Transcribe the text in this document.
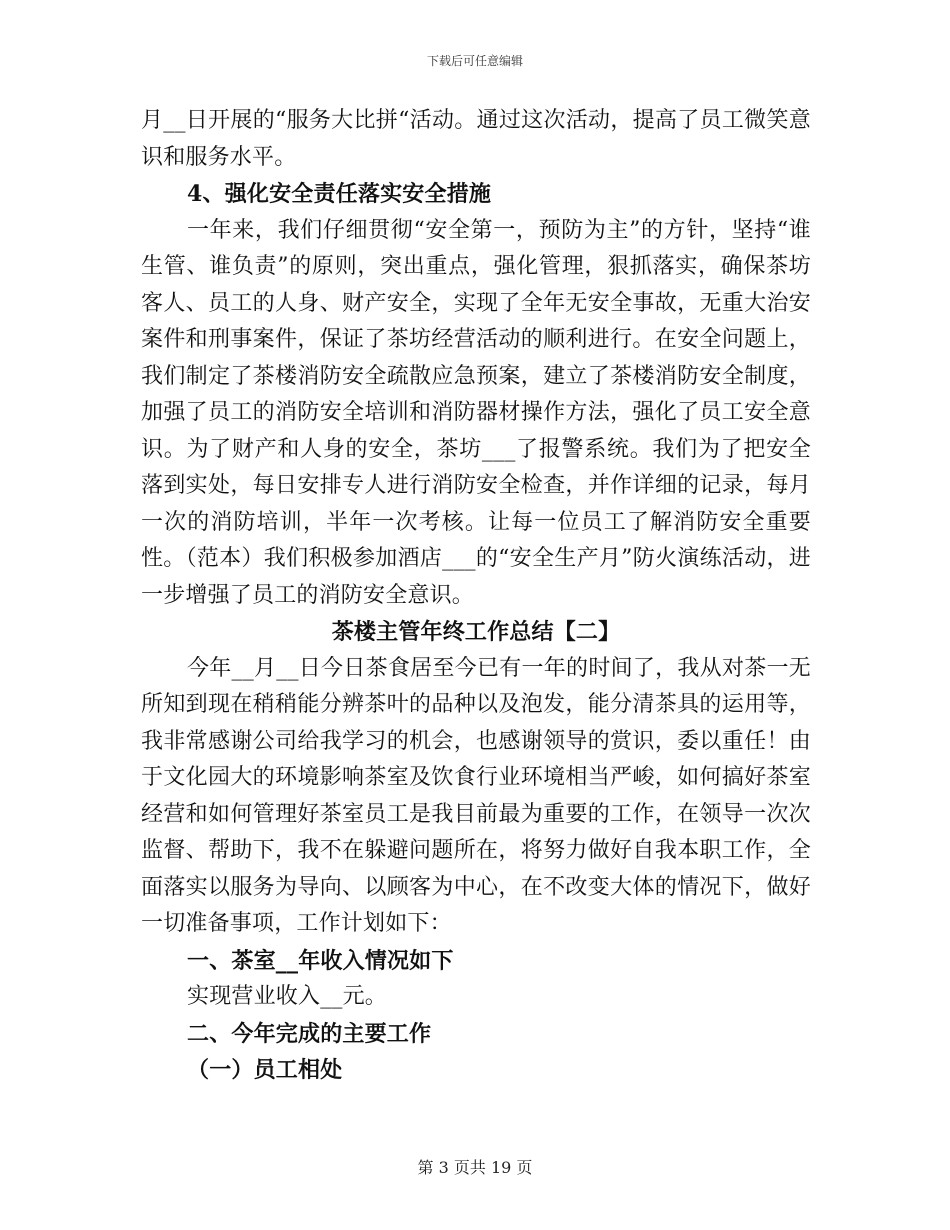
下载后可任意编辑
月__日开展的“服务大比拼“活动。通过这次活动，提高了员工微笑意识和服务水平。
4、强化安全责任落实安全措施
一年来，我们仔细贯彻“安全第一，预防为主”的方针，坚持“谁生管、谁负责”的原则，突出重点，强化管理，狠抓落实，确保茶坊客人、员工的人身、财产安全，实现了全年无安全事故，无重大治安案件和刑事案件，保证了茶坊经营活动的顺利进行。在安全问题上，我们制定了茶楼消防安全疏散应急预案，建立了茶楼消防安全制度，加强了员工的消防安全培训和消防器材操作方法，强化了员工安全意识。为了财产和人身的安全，茶坊___了报警系统。我们为了把安全落到实处，每日安排专人进行消防安全检查，并作详细的记录，每月一次的消防培训，半年一次考核。让每一位员工了解消防安全重要性。（范本）我们积极参加酒店___的“安全生产月”防火演练活动，进一步增强了员工的消防安全意识。
茶楼主管年终工作总结【二】
今年__月__日今日茶食居至今已有一年的时间了，我从对茶一无所知到现在稍稍能分辨茶叶的品种以及泡发，能分清茶具的运用等，我非常感谢公司给我学习的机会，也感谢领导的赏识，委以重任！由于文化园大的环境影响茶室及饮食行业环境相当严峻，如何搞好茶室经营和如何管理好茶室员工是我目前最为重要的工作，在领导一次次监督、帮助下，我不在躲避问题所在，将努力做好自我本职工作，全面落实以服务为导向、以顾客为中心，在不改变大体的情况下，做好一切准备事项，工作计划如下：
一、茶室__年收入情况如下
实现营业收入__元。
二、今年完成的主要工作
（一）员工相处
第 3 页共 19 页
